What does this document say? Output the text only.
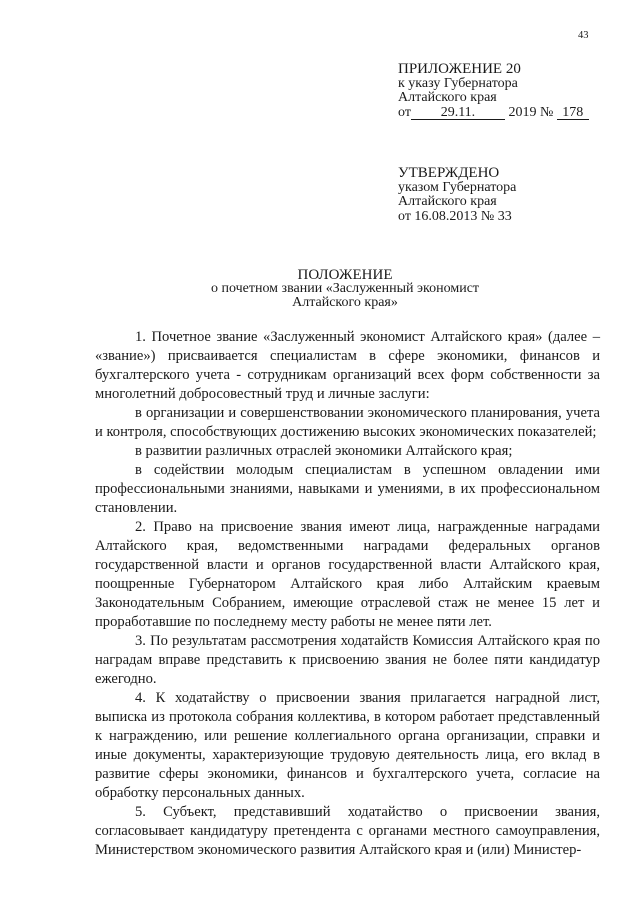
43
ПРИЛОЖЕНИЕ 20
к указу Губернатора
Алтайского края
от 29.11. 2019 № 178
УТВЕРЖДЕНО
указом Губернатора
Алтайского края
от 16.08.2013 № 33
ПОЛОЖЕНИЕ
о почетном звании «Заслуженный экономист
Алтайского края»

1. Почетное звание «Заслуженный экономист Алтайского края» (далее – «звание») присваивается специалистам в сфере экономики, финансов и бухгалтерского учета - сотрудникам организаций всех форм собственности за многолетний добросовестный труд и личные заслуги:

в организации и совершенствовании экономического планирования, учета и контроля, способствующих достижению высоких экономических показателей;

в развитии различных отраслей экономики Алтайского края;

в содействии молодым специалистам в успешном овладении ими профессиональными знаниями, навыками и умениями, в их профессиональном становлении.

2. Право на присвоение звания имеют лица, награжденные наградами Алтайского края, ведомственными наградами федеральных органов государственной власти и органов государственной власти Алтайского края, поощренные Губернатором Алтайского края либо Алтайским краевым Законодательным Собранием, имеющие отраслевой стаж не менее 15 лет и проработавшие по последнему месту работы не менее пяти лет.

3. По результатам рассмотрения ходатайств Комиссия Алтайского края по наградам вправе представить к присвоению звания не более пяти кандидатур ежегодно.

4. К ходатайству о присвоении звания прилагается наградной лист, выписка из протокола собрания коллектива, в котором работает представленный к награждению, или решение коллегиального органа организации, справки и иные документы, характеризующие трудовую деятельность лица, его вклад в развитие сферы экономики, финансов и бухгалтерского учета, согласие на обработку персональных данных.

5. Субъект, представивший ходатайство о присвоении звания, согласовывает кандидатуру претендента с органами местного самоуправления, Министерством экономического развития Алтайского края и (или) Министер-
